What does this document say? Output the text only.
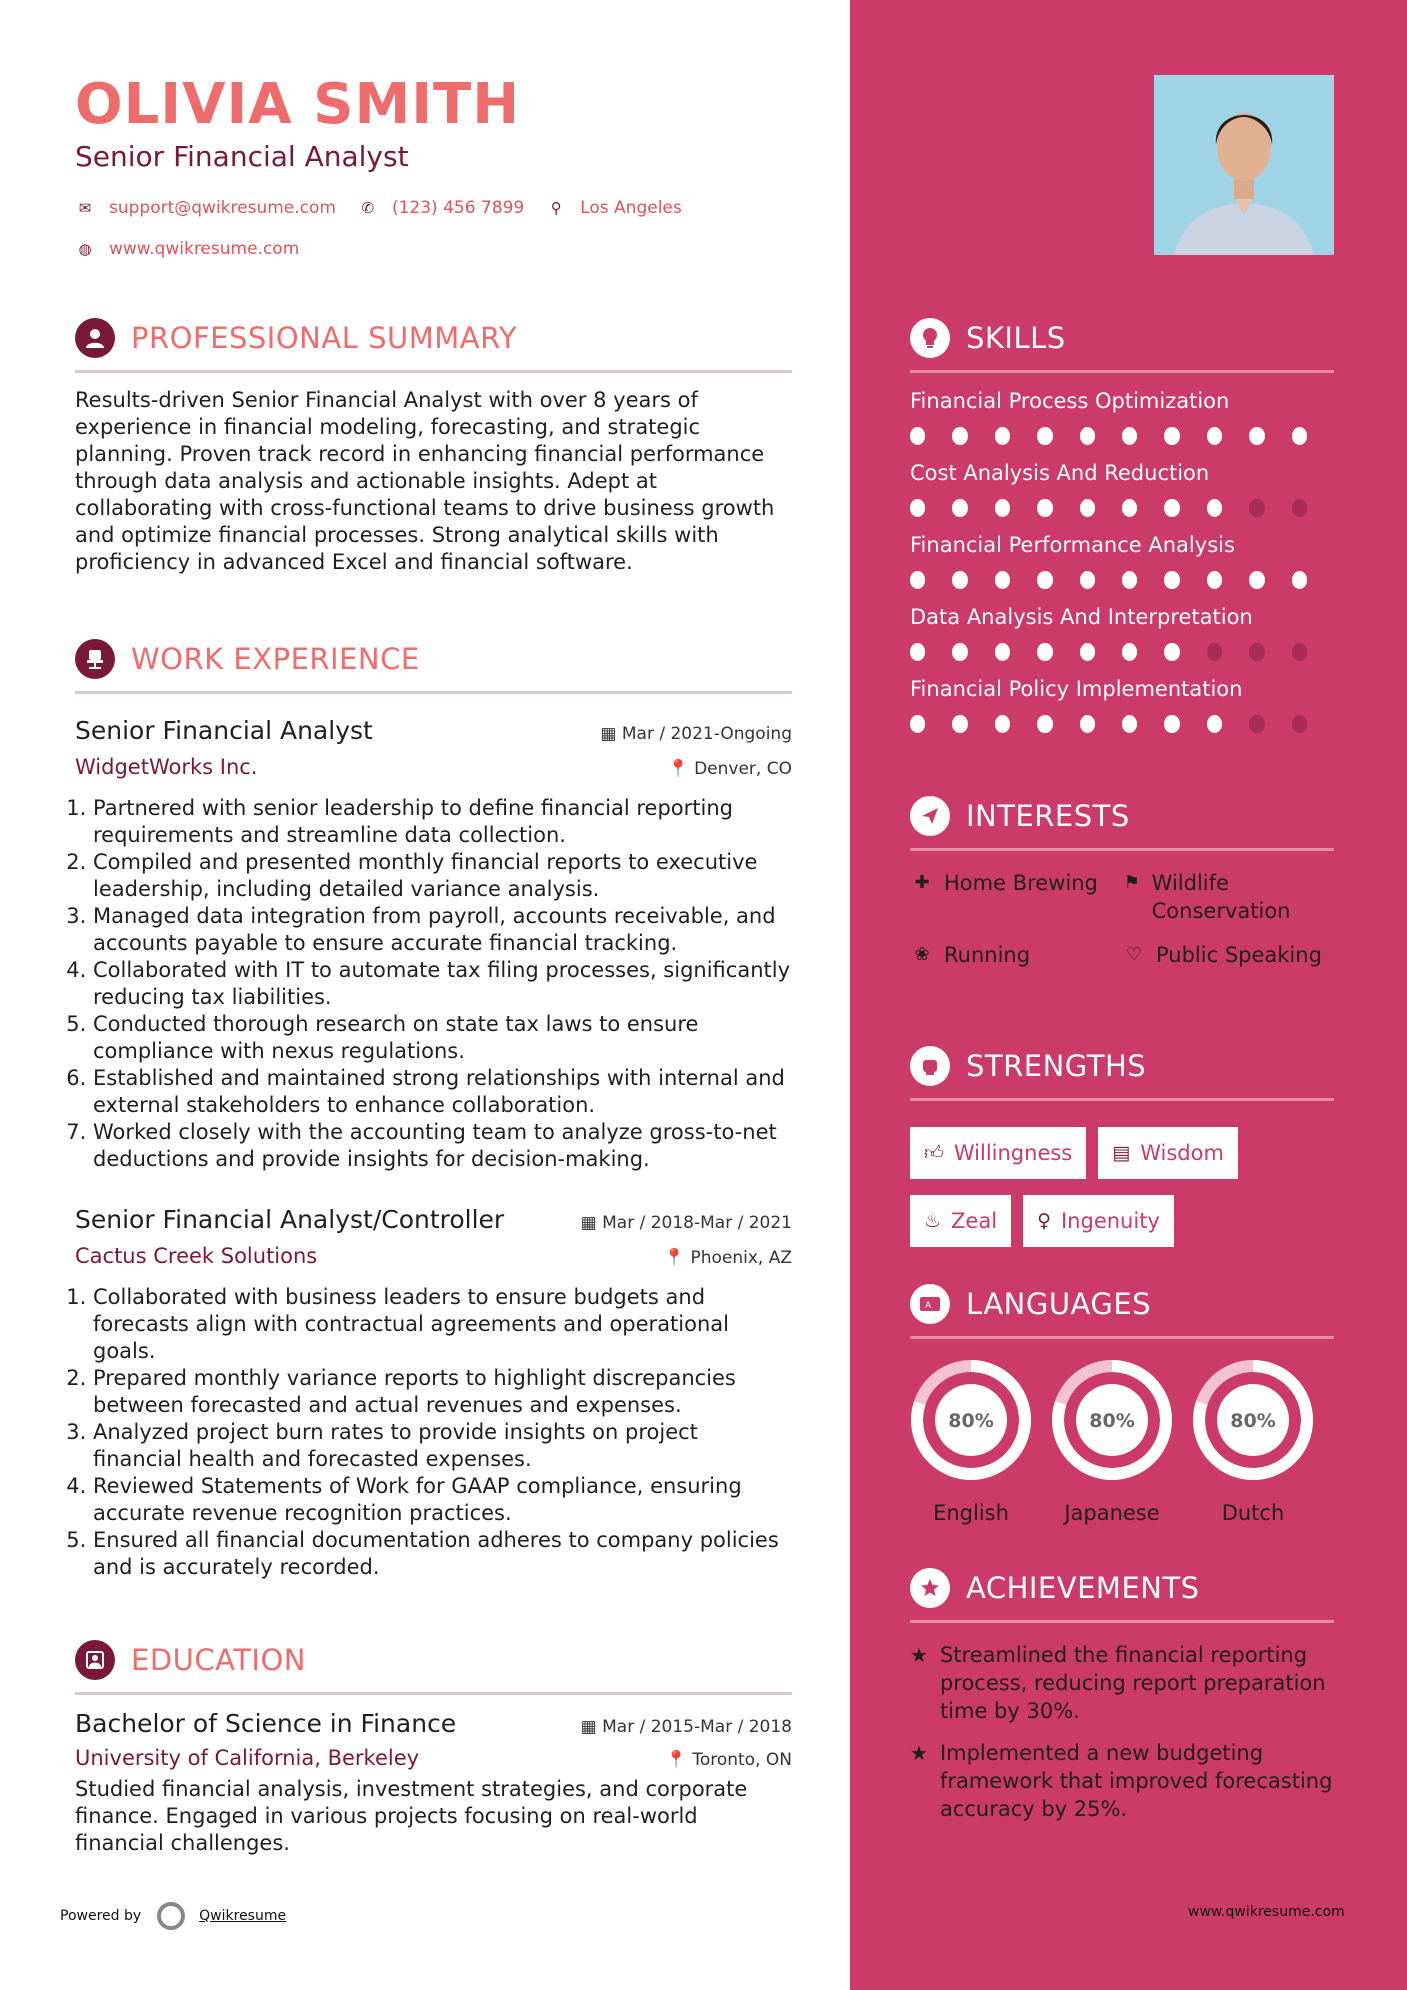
OLIVIA SMITH
Senior Financial Analyst
✉ support@qwikresume.com ✆ (123) 456 7899	⚲ Los Angeles
◍ www.qwikresume.com
PROFESSIONAL SUMMARY
Results-driven Senior Financial Analyst with over 8 years of experience in financial modeling, forecasting, and strategic planning. Proven track record in enhancing financial performance through data analysis and actionable insights. Adept at collaborating with cross-functional teams to drive business growth and optimize financial processes. Strong analytical skills with proficiency in advanced Excel and financial software.
WORK EXPERIENCE
Senior Financial Analyst	▦ Mar / 2021-Ongoing
WidgetWorks Inc.	📍 Denver, CO
1. Partnered with senior leadership to define financial reporting requirements and streamline data collection.
2. Compiled and presented monthly financial reports to executive leadership, including detailed variance analysis.
3. Managed data integration from payroll, accounts receivable, and accounts payable to ensure accurate financial tracking.
4. Collaborated with IT to automate tax filing processes, significantly reducing tax liabilities.
5. Conducted thorough research on state tax laws to ensure compliance with nexus regulations.
6. Established and maintained strong relationships with internal and external stakeholders to enhance collaboration.
7. Worked closely with the accounting team to analyze gross-to-net deductions and provide insights for decision-making.
Senior Financial Analyst/Controller	▦ Mar / 2018-Mar / 2021
Cactus Creek Solutions	📍 Phoenix, AZ
1. Collaborated with business leaders to ensure budgets and forecasts align with contractual agreements and operational goals.
2. Prepared monthly variance reports to highlight discrepancies between forecasted and actual revenues and expenses.
3. Analyzed project burn rates to provide insights on project financial health and forecasted expenses.
4. Reviewed Statements of Work for GAAP compliance, ensuring accurate revenue recognition practices.
5. Ensured all financial documentation adheres to company policies and is accurately recorded.
EDUCATION
Bachelor of Science in Finance	▦ Mar / 2015-Mar / 2018
University of California, Berkeley	📍 Toronto, ON
Studied financial analysis, investment strategies, and corporate finance. Engaged in various projects focusing on real-world financial challenges.
Powered by	Qwikresume	www.qwikresume.com
SKILLS
Financial Process Optimization
Cost Analysis And Reduction
Financial Performance Analysis
Data Analysis And Interpretation
Financial Policy Implementation
INTERESTS
✚ Home Brewing ⚑ Wildlife Conservation
❀ Running	♡ Public Speaking
STRENGTHS
👍︎ Willingness ▤ Wisdom
♨ Zeal ♀ Ingenuity
A LANGUAGES
80%
English
80%
Japanese
80%
Dutch
ACHIEVEMENTS
★ Streamlined the financial reporting process, reducing report preparation time by 30%.
★ Implemented a new budgeting framework that improved forecasting accuracy by 25%.
